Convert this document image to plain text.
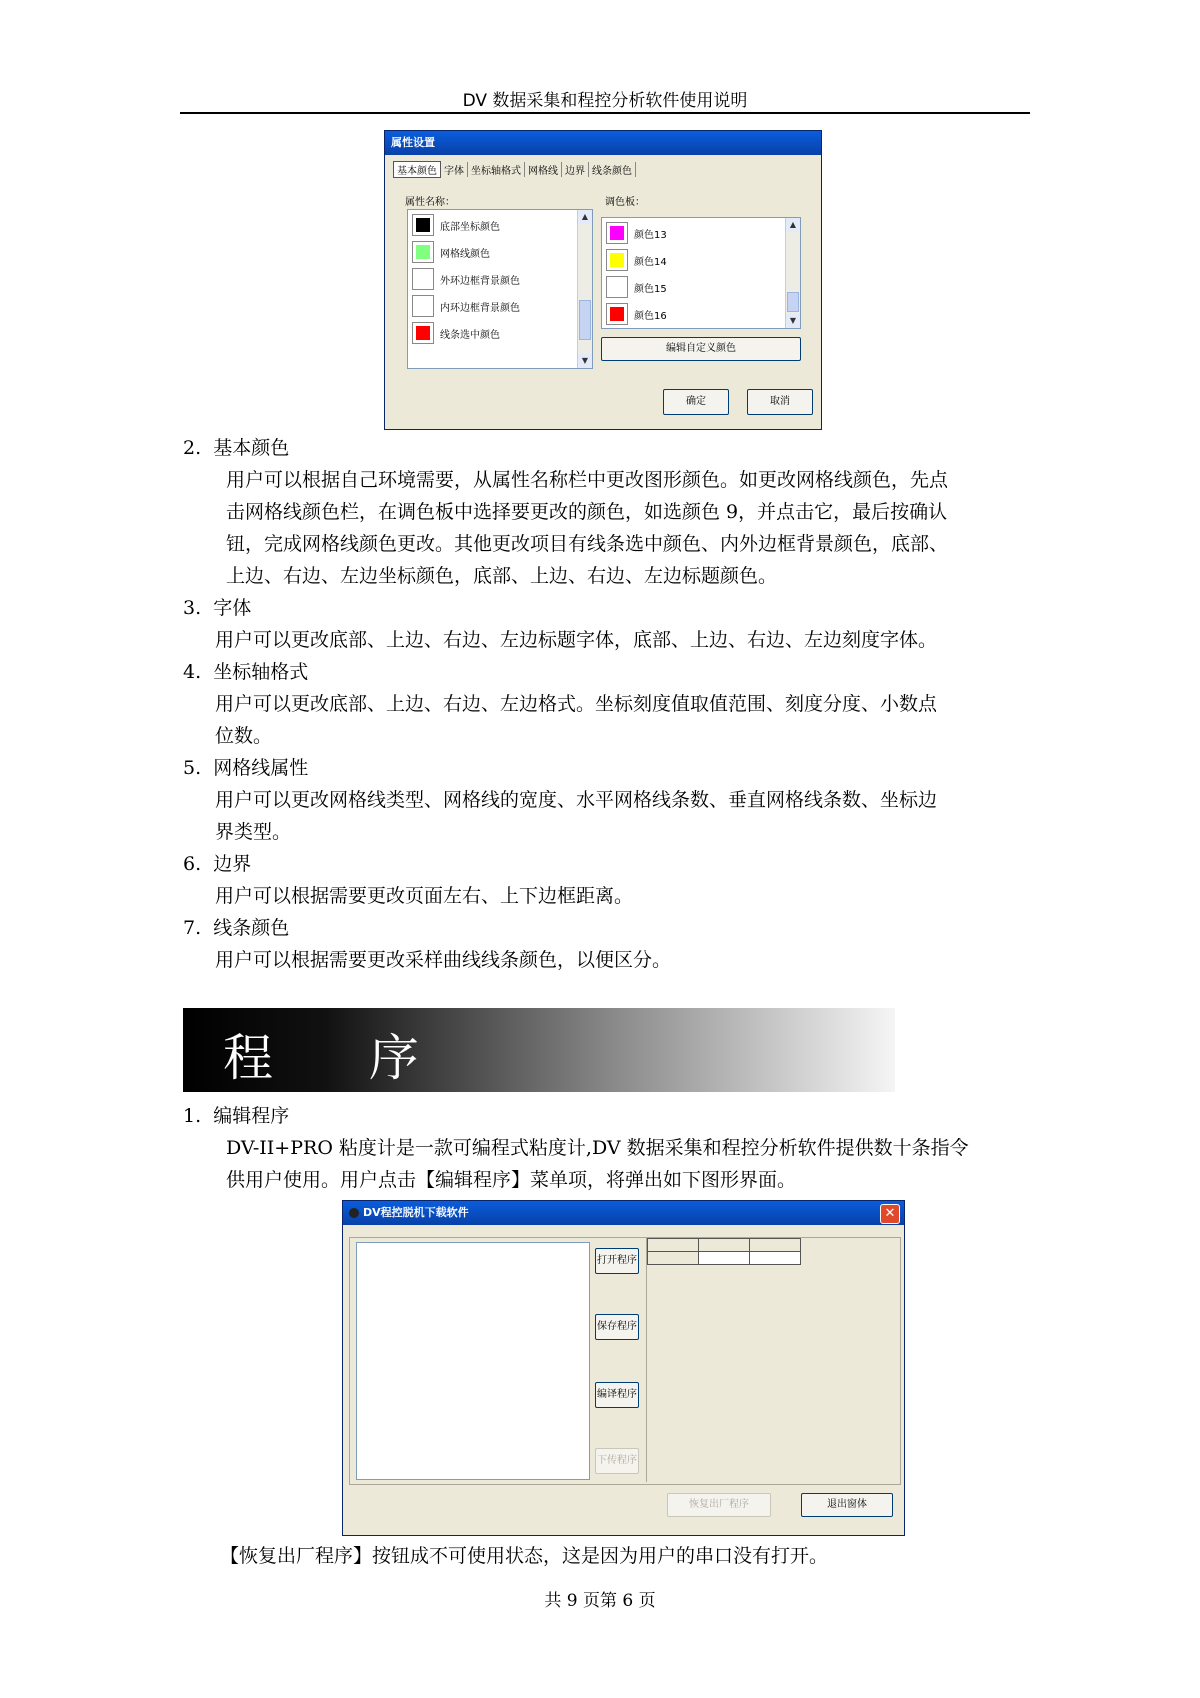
DV 数据采集和程控分析软件使用说明
属性设置
基本颜色 字体 坐标轴格式 网格线 边界 线条颜色
属性名称：	调色板：
底部坐标颜色
网格线颜色
外环边框背景颜色
内环边框背景颜色
线条选中颜色
▲
▼
颜色13
颜色14
颜色15
颜色16
▲
▼
编辑自定义颜色
确定	取消
2. 基本颜色
用户可以根据自己环境需要，从属性名称栏中更改图形颜色。如更改网格线颜色，先点
击网格线颜色栏，在调色板中选择要更改的颜色，如选颜色 9，并点击它，最后按确认
钮，完成网格线颜色更改。其他更改项目有线条选中颜色、内外边框背景颜色，底部、
上边、右边、左边坐标颜色，底部、上边、右边、左边标题颜色。
3. 字体
用户可以更改底部、上边、右边、左边标题字体，底部、上边、右边、左边刻度字体。
4. 坐标轴格式
用户可以更改底部、上边、右边、左边格式。坐标刻度值取值范围、刻度分度、小数点
位数。
5. 网格线属性
用户可以更改网格线类型、网格线的宽度、水平网格线条数、垂直网格线条数、坐标边
界类型。
6. 边界
用户可以根据需要更改页面左右、上下边框距离。
7. 线条颜色
用户可以根据需要更改采样曲线线条颜色，以便区分。
程 序
1. 编辑程序
DV-II+PRO 粘度计是一款可编程式粘度计,DV 数据采集和程控分析软件提供数十条指令
供用户使用。用户点击【编辑程序】菜单项，将弹出如下图形界面。
DV程控脱机下载软件	✕
打开程序
保存程序
编译程序
下传程序
恢复出厂程序	退出窗体
【恢复出厂程序】按钮成不可使用状态，这是因为用户的串口没有打开。
共 9 页第 6 页
